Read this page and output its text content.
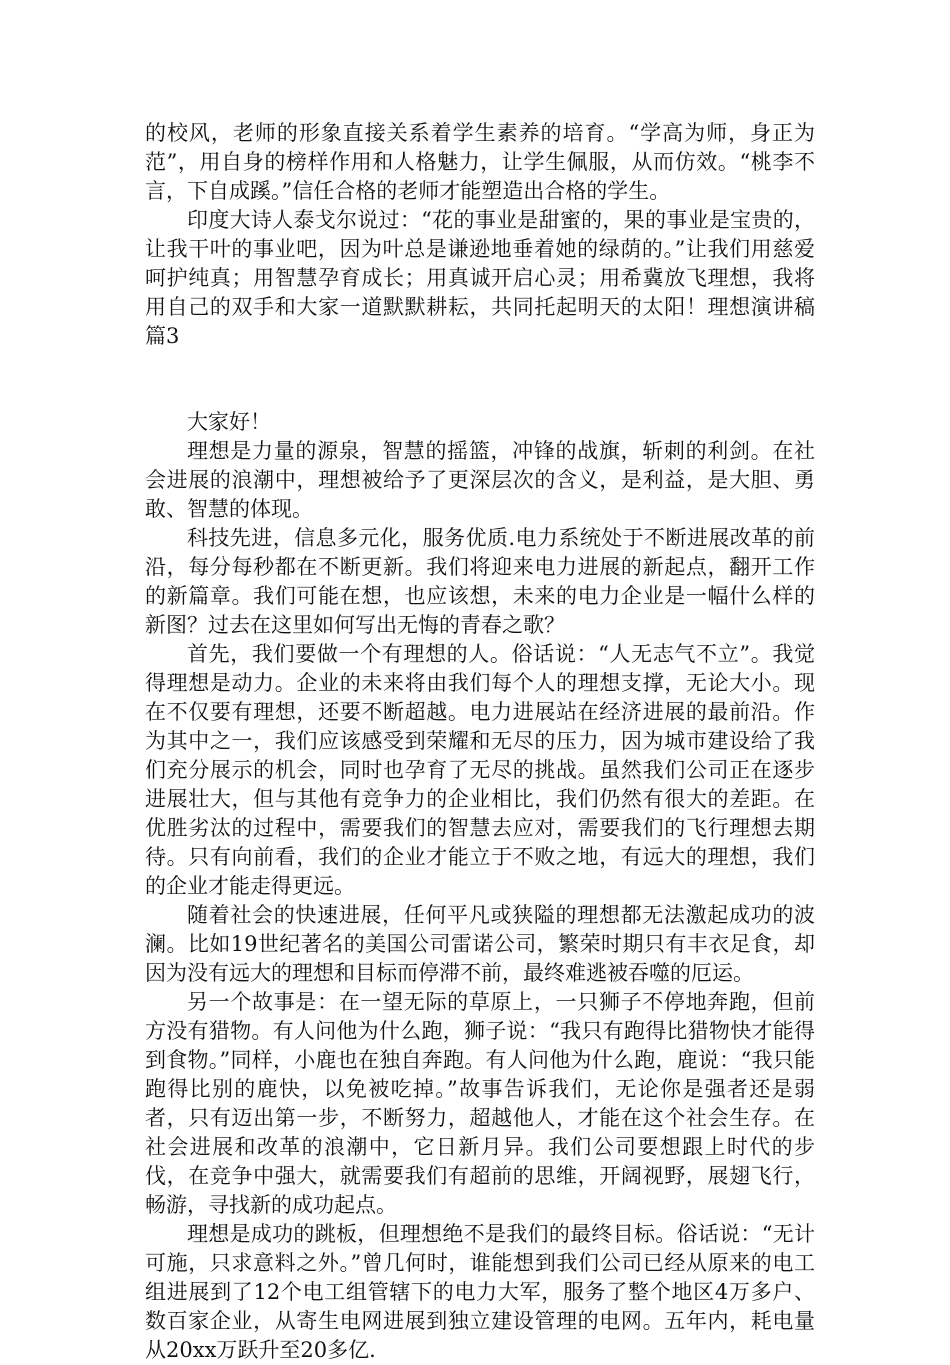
的校风，老师的形象直接关系着学生素养的培育。“学高为师，身正为范”，用自身的榜样作用和人格魅力，让学生佩服，从而仿效。“桃李不言，下自成蹊。”信任合格的老师才能塑造出合格的学生。

印度大诗人泰戈尔说过：“花的事业是甜蜜的，果的事业是宝贵的，让我干叶的事业吧，因为叶总是谦逊地垂着她的绿荫的。”让我们用慈爱呵护纯真；用智慧孕育成长；用真诚开启心灵；用希冀放飞理想，我将用自己的双手和大家一道默默耕耘，共同托起明天的太阳！理想演讲稿 篇3

大家好！

理想是力量的源泉，智慧的摇篮，冲锋的战旗，斩刺的利剑。在社会进展的浪潮中，理想被给予了更深层次的含义，是利益，是大胆、勇敢、智慧的体现。

科技先进，信息多元化，服务优质.电力系统处于不断进展改革的前沿，每分每秒都在不断更新。我们将迎来电力进展的新起点，翻开工作的新篇章。我们可能在想，也应该想，未来的电力企业是一幅什么样的新图？过去在这里如何写出无悔的青春之歌？

首先，我们要做一个有理想的人。俗话说：“人无志气不立”。我觉得理想是动力。企业的未来将由我们每个人的理想支撑，无论大小。现在不仅要有理想，还要不断超越。电力进展站在经济进展的最前沿。作为其中之一，我们应该感受到荣耀和无尽的压力，因为城市建设给了我们充分展示的机会，同时也孕育了无尽的挑战。虽然我们公司正在逐步进展壮大，但与其他有竞争力的企业相比，我们仍然有很大的差距。在优胜劣汰的过程中，需要我们的智慧去应对，需要我们的飞行理想去期待。只有向前看，我们的企业才能立于不败之地，有远大的理想，我们的企业才能走得更远。

随着社会的快速进展，任何平凡或狭隘的理想都无法激起成功的波澜。比如19世纪著名的美国公司雷诺公司，繁荣时期只有丰衣足食，却因为没有远大的理想和目标而停滞不前，最终难逃被吞噬的厄运。

另一个故事是：在一望无际的草原上，一只狮子不停地奔跑，但前方没有猎物。有人问他为什么跑，狮子说：“我只有跑得比猎物快才能得到食物。”同样，小鹿也在独自奔跑。有人问他为什么跑，鹿说：“我只能跑得比别的鹿快，以免被吃掉。”故事告诉我们，无论你是强者还是弱者，只有迈出第一步，不断努力，超越他人，才能在这个社会生存。在社会进展和改革的浪潮中，它日新月异。我们公司要想跟上时代的步伐，在竞争中强大，就需要我们有超前的思维，开阔视野，展翅飞行，畅游，寻找新的成功起点。

理想是成功的跳板，但理想绝不是我们的最终目标。俗话说：“无计可施，只求意料之外。”曾几何时，谁能想到我们公司已经从原来的电工组进展到了12个电工组管辖下的电力大军，服务了整个地区4万多户、数百家企业，从寄生电网进展到独立建设管理的电网。五年内，耗电量从20xx万跃升至20多亿.
